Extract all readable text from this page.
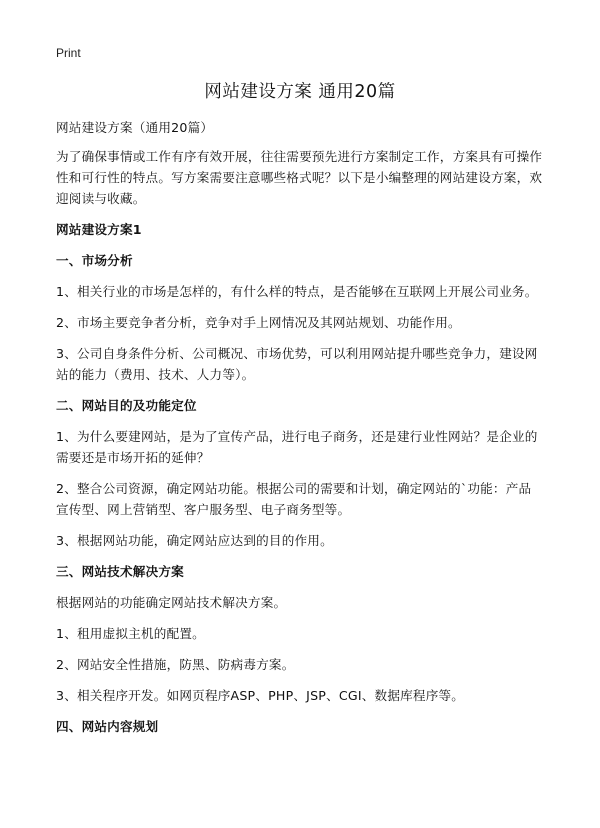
Print
网站建设方案 通用20篇

网站建设方案（通用20篇）

为了确保事情或工作有序有效开展，往往需要预先进行方案制定工作，方案具有可操作性和可行性的特点。写方案需要注意哪些格式呢？以下是小编整理的网站建设方案，欢迎阅读与收藏。

网站建设方案1
一、市场分析

1、相关行业的市场是怎样的，有什么样的特点，是否能够在互联网上开展公司业务。

2、市场主要竞争者分析，竞争对手上网情况及其网站规划、功能作用。

3、公司自身条件分析、公司概况、市场优势，可以利用网站提升哪些竞争力，建设网站的能力（费用、技术、人力等）。

二、网站目的及功能定位

1、为什么要建网站，是为了宣传产品，进行电子商务，还是建行业性网站？是企业的需要还是市场开拓的延伸？

2、整合公司资源，确定网站功能。根据公司的需要和计划，确定网站的`功能：产品宣传型、网上营销型、客户服务型、电子商务型等。

3、根据网站功能，确定网站应达到的目的作用。

三、网站技术解决方案

根据网站的功能确定网站技术解决方案。

1、租用虚拟主机的配置。

2、网站安全性措施，防黑、防病毒方案。

3、相关程序开发。如网页程序ASP、PHP、JSP、CGI、数据库程序等。

四、网站内容规划
